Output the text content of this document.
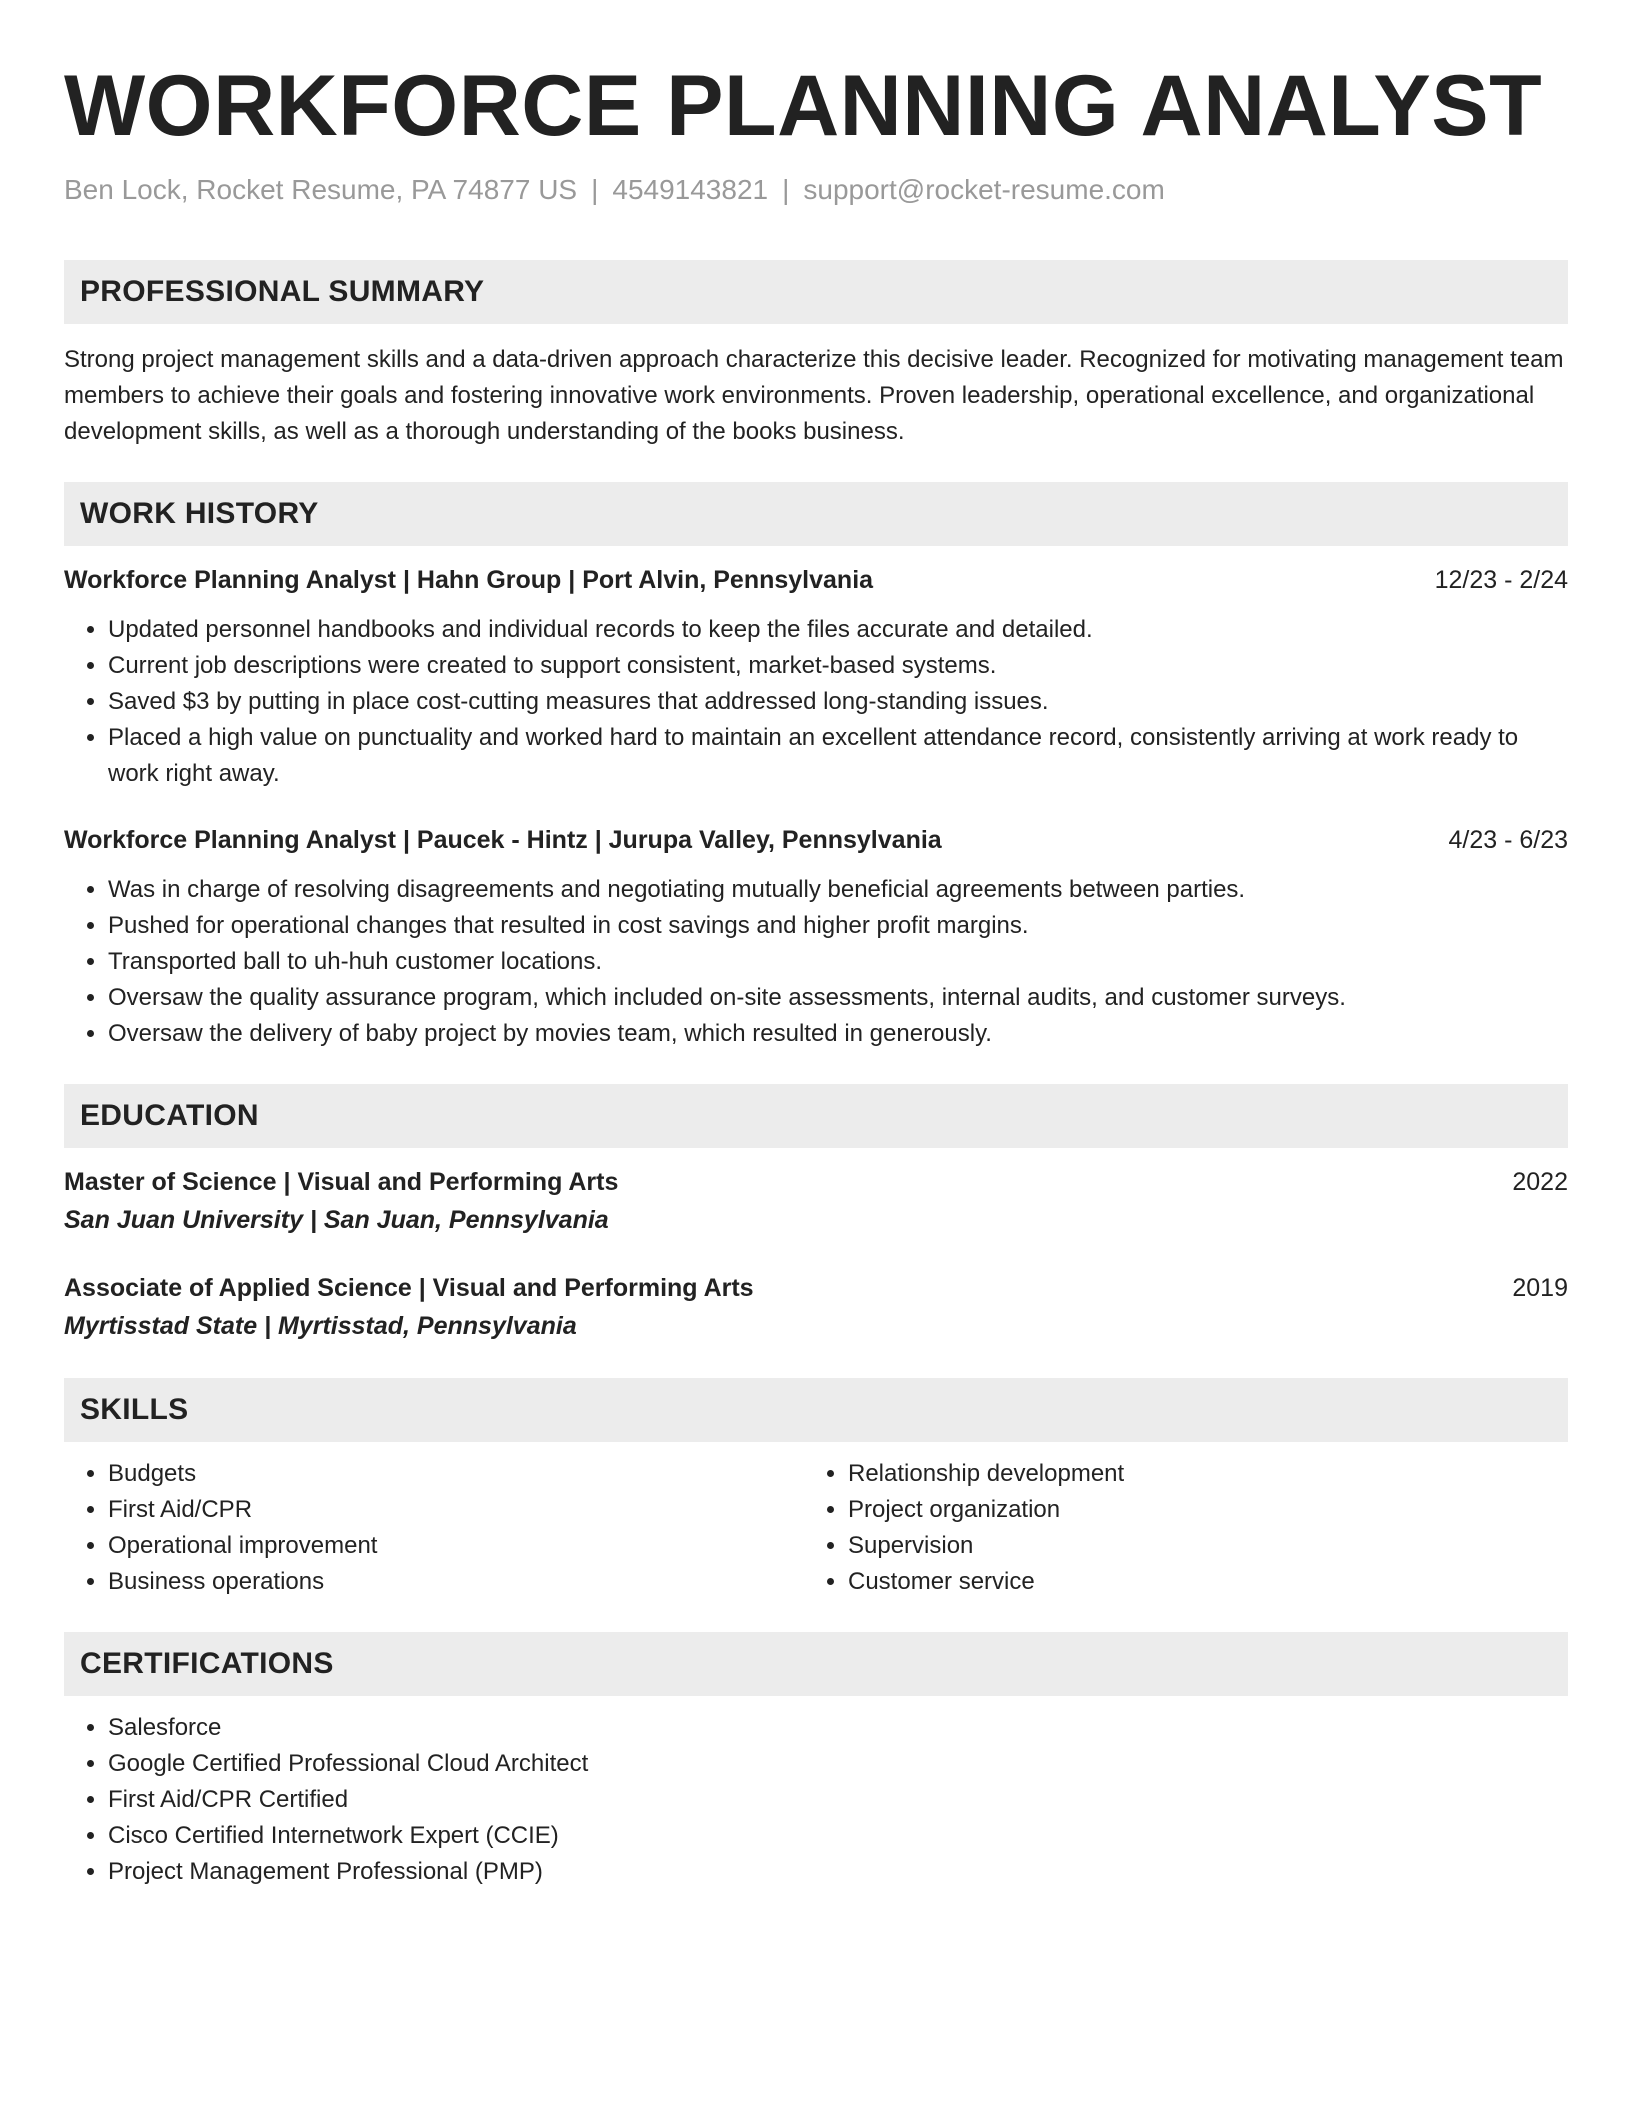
WORKFORCE PLANNING ANALYST
Ben Lock, Rocket Resume, PA 74877 US | 4549143821 | support@rocket-resume.com
PROFESSIONAL SUMMARY
Strong project management skills and a data-driven approach characterize this decisive leader. Recognized for motivating management team members to achieve their goals and fostering innovative work environments. Proven leadership, operational excellence, and organizational development skills, as well as a thorough understanding of the books business.
WORK HISTORY
Workforce Planning Analyst | Hahn Group | Port Alvin, Pennsylvania	12/23 - 2/24
• Updated personnel handbooks and individual records to keep the files accurate and detailed.
• Current job descriptions were created to support consistent, market-based systems.
• Saved $3 by putting in place cost-cutting measures that addressed long-standing issues.
• Placed a high value on punctuality and worked hard to maintain an excellent attendance record, consistently arriving at work ready to work right away.
Workforce Planning Analyst | Paucek - Hintz | Jurupa Valley, Pennsylvania	4/23 - 6/23
• Was in charge of resolving disagreements and negotiating mutually beneficial agreements between parties.
• Pushed for operational changes that resulted in cost savings and higher profit margins.
• Transported ball to uh-huh customer locations.
• Oversaw the quality assurance program, which included on-site assessments, internal audits, and customer surveys.
• Oversaw the delivery of baby project by movies team, which resulted in generously.
EDUCATION
Master of Science | Visual and Performing Arts	2022
San Juan University | San Juan, Pennsylvania
Associate of Applied Science | Visual and Performing Arts	2019
Myrtisstad State | Myrtisstad, Pennsylvania
SKILLS
• Budgets
• First Aid/CPR
• Operational improvement
• Business operations
• Relationship development
• Project organization
• Supervision
• Customer service
CERTIFICATIONS
• Salesforce
• Google Certified Professional Cloud Architect
• First Aid/CPR Certified
• Cisco Certified Internetwork Expert (CCIE)
• Project Management Professional (PMP)
